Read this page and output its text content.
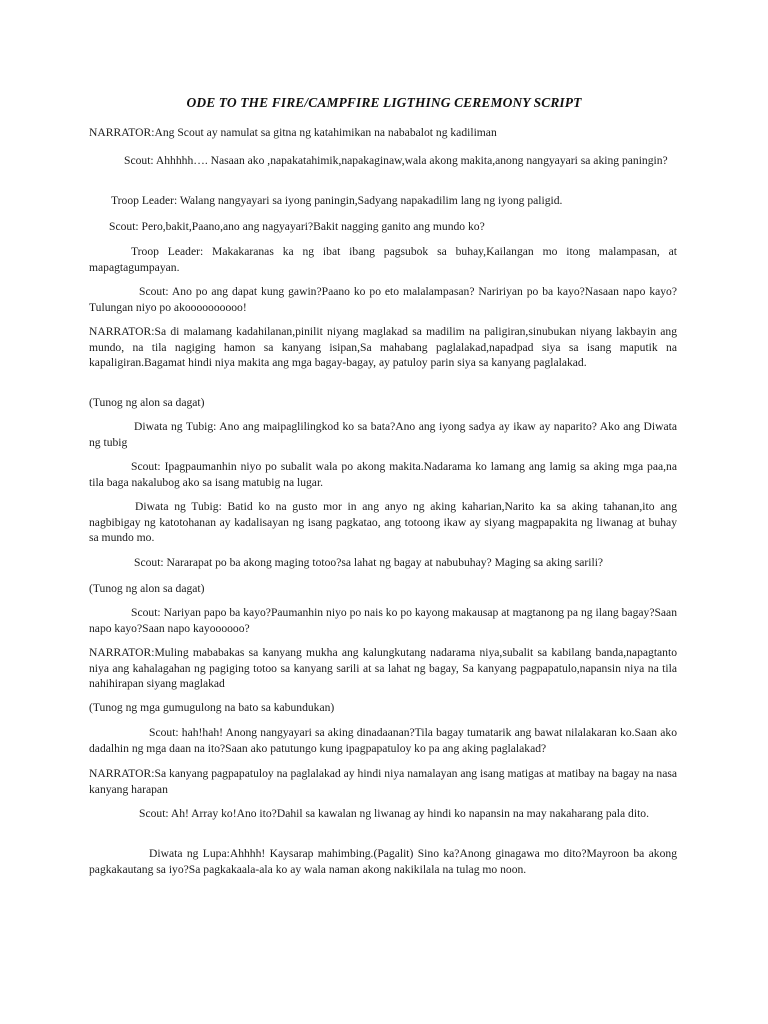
ODE TO THE FIRE/CAMPFIRE LIGTHING CEREMONY SCRIPT

NARRATOR:Ang Scout ay namulat sa gitna ng katahimikan na nababalot ng kadiliman

Scout: Ahhhhh…. Nasaan ako ,napakatahimik,napakaginaw,wala akong makita,anong nangyayari sa aking paningin?

Troop Leader: Walang nangyayari sa iyong paningin,Sadyang napakadilim lang ng iyong paligid.

Scout: Pero,bakit,Paano,ano ang nagyayari?Bakit nagging ganito ang mundo ko?

Troop Leader: Makakaranas ka ng ibat ibang pagsubok sa buhay,Kailangan mo itong malampasan, at mapagtagumpayan.

Scout: Ano po ang dapat kung gawin?Paano ko po eto malalampasan? Naririyan po ba kayo?Nasaan napo kayo?Tulungan niyo po akoooooooooo!

NARRATOR:Sa di malamang kadahilanan,pinilit niyang maglakad sa madilim na paligiran,sinubukan niyang lakbayin ang mundo, na tila nagiging hamon sa kanyang isipan,Sa mahabang paglalakad,napadpad siya sa isang maputik na kapaligiran.Bagamat hindi niya makita ang mga bagay-bagay, ay patuloy parin siya sa kanyang paglalakad.

(Tunog ng alon sa dagat)

Diwata ng Tubig: Ano ang maipaglilingkod ko sa bata?Ano ang iyong sadya ay ikaw ay naparito? Ako ang Diwata ng tubig

Scout: Ipagpaumanhin niyo po subalit wala po akong makita.Nadarama ko lamang ang lamig sa aking mga paa,na tila baga nakalubog ako sa isang matubig na lugar.

Diwata ng Tubig: Batid ko na gusto mor in ang anyo ng aking kaharian,Narito ka sa aking tahanan,ito ang nagbibigay ng katotohanan ay kadalisayan ng isang pagkatao, ang totoong ikaw ay siyang magpapakita ng liwanag at buhay sa mundo mo.

Scout: Nararapat po ba akong maging totoo?sa lahat ng bagay at nabubuhay? Maging sa aking sarili?

(Tunog ng alon sa dagat)

Scout: Nariyan papo ba kayo?Paumanhin niyo po nais ko po kayong makausap at magtanong pa ng ilang bagay?Saan napo kayo?Saan napo kayoooooo?

NARRATOR:Muling mababakas sa kanyang mukha ang kalungkutang nadarama niya,subalit sa kabilang banda,napagtanto niya ang kahalagahan ng pagiging totoo sa kanyang sarili at sa lahat ng bagay, Sa kanyang pagpapatulo,napansin niya na tila nahihirapan siyang maglakad

(Tunog ng mga gumugulong na bato sa kabundukan)

Scout: hah!hah! Anong nangyayari sa aking dinadaanan?Tila bagay tumatarik ang bawat nilalakaran ko.Saan ako dadalhin ng mga daan na ito?Saan ako patutungo kung ipagpapatuloy ko pa ang aking paglalakad?

NARRATOR:Sa kanyang pagpapatuloy na paglalakad ay hindi niya namalayan ang isang matigas at matibay na bagay na nasa kanyang harapan

Scout: Ah! Array ko!Ano ito?Dahil sa kawalan ng liwanag ay hindi ko napansin na may nakaharang pala dito.

Diwata ng Lupa:Ahhhh! Kaysarap mahimbing.(Pagalit) Sino ka?Anong ginagawa mo dito?Mayroon ba akong pagkakautang sa iyo?Sa pagkakaala-ala ko ay wala naman akong nakikilala na tulag mo noon.
